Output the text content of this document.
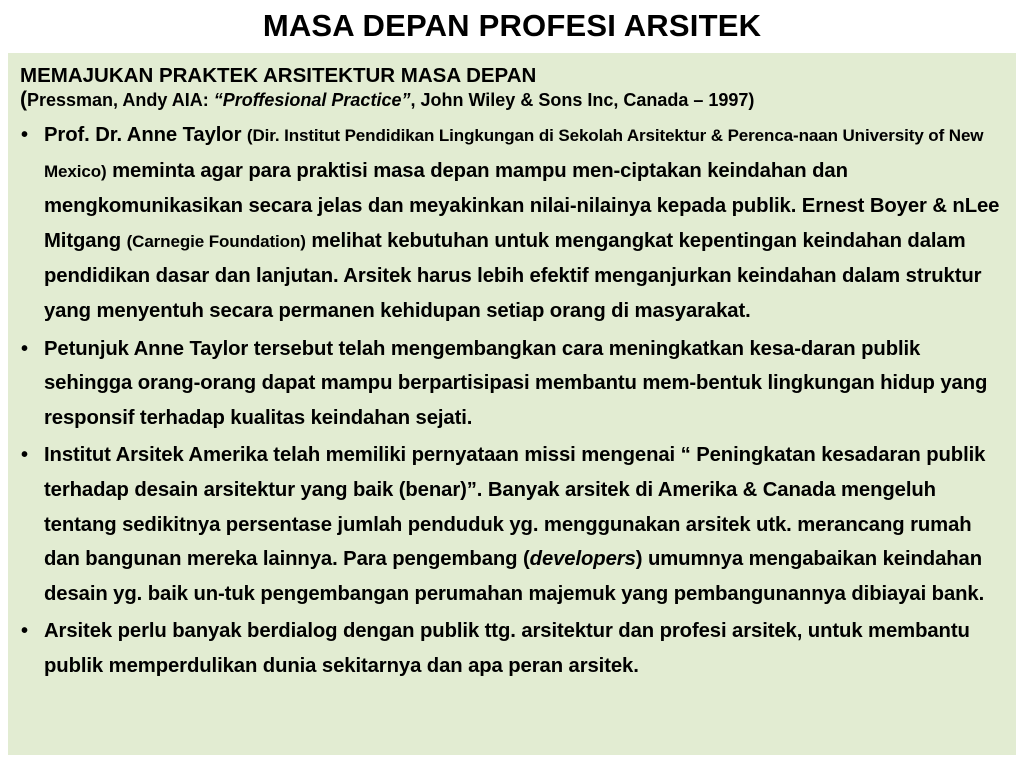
MASA DEPAN PROFESI ARSITEK

MEMAJUKAN PRAKTEK ARSITEKTUR MASA DEPAN

(Pressman, Andy AIA: “Proffesional Practice”, John Wiley & Sons Inc, Canada – 1997)

• Prof. Dr. Anne Taylor (Dir. Institut Pendidikan Lingkungan di Sekolah Arsitektur & Perenca-naan University of New Mexico) meminta agar para praktisi masa depan mampu men-ciptakan keindahan dan mengkomunikasikan secara jelas dan meyakinkan nilai-nilainya kepada publik. Ernest Boyer & nLee Mitgang (Carnegie Foundation) melihat kebutuhan untuk mengangkat kepentingan keindahan dalam pendidikan dasar dan lanjutan. Arsitek harus lebih efektif menganjurkan keindahan dalam struktur yang menyentuh secara permanen kehidupan setiap orang di masyarakat.
• Petunjuk Anne Taylor tersebut telah mengembangkan cara meningkatkan kesa-daran publik sehingga orang-orang dapat mampu berpartisipasi membantu mem-bentuk lingkungan hidup yang responsif terhadap kualitas keindahan sejati.
• Institut Arsitek Amerika telah memiliki pernyataan missi mengenai “ Peningkatan kesadaran publik terhadap desain arsitektur yang baik (benar)”. Banyak arsitek di Amerika & Canada mengeluh tentang sedikitnya persentase jumlah penduduk yg. menggunakan arsitek utk. merancang rumah dan bangunan mereka lainnya. Para pengembang (developers) umumnya mengabaikan keindahan desain yg. baik un-tuk pengembangan perumahan majemuk yang pembangunannya dibiayai bank.
• Arsitek perlu banyak berdialog dengan publik ttg. arsitektur dan profesi arsitek, untuk membantu publik memperdulikan dunia sekitarnya dan apa peran arsitek.
